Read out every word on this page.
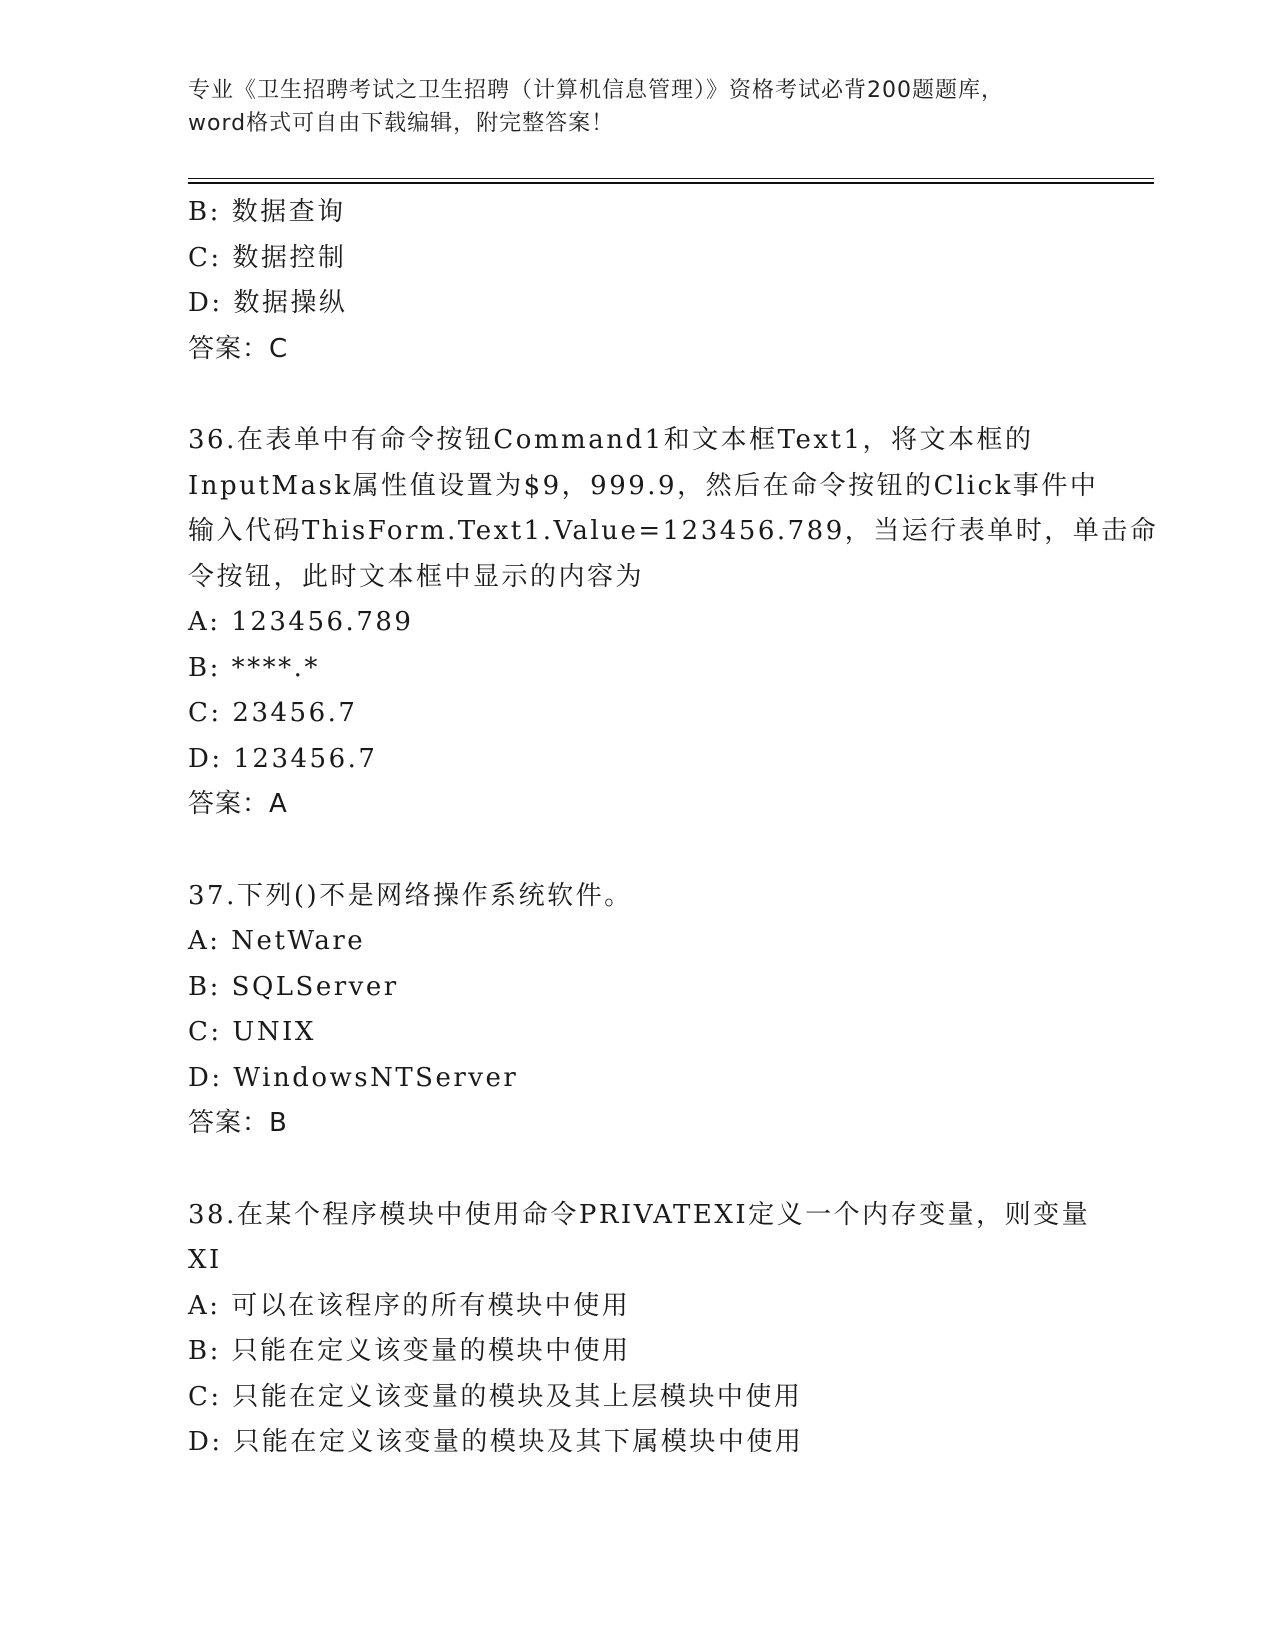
专业《卫生招聘考试之卫生招聘（计算机信息管理）》资格考试必背200题题库，
word格式可自由下载编辑，附完整答案！
B: 数据查询
C: 数据控制
D: 数据操纵
答案：C
36.在表单中有命令按钮Command1和文本框Text1，将文本框的
InputMask属性值设置为$9，999.9，然后在命令按钮的Click事件中
输入代码ThisForm.Text1.Value=123456.789，当运行表单时，单击命
令按钮，此时文本框中显示的内容为
A: 123456.789
B: ****.*
C: 23456.7
D: 123456.7
答案：A
37.下列()不是网络操作系统软件。
A: NetWare
B: SQLServer
C: UNIX
D: WindowsNTServer
答案：B
38.在某个程序模块中使用命令PRIVATEXI定义一个内存变量，则变量
XI
A: 可以在该程序的所有模块中使用
B: 只能在定义该变量的模块中使用
C: 只能在定义该变量的模块及其上层模块中使用
D: 只能在定义该变量的模块及其下属模块中使用
